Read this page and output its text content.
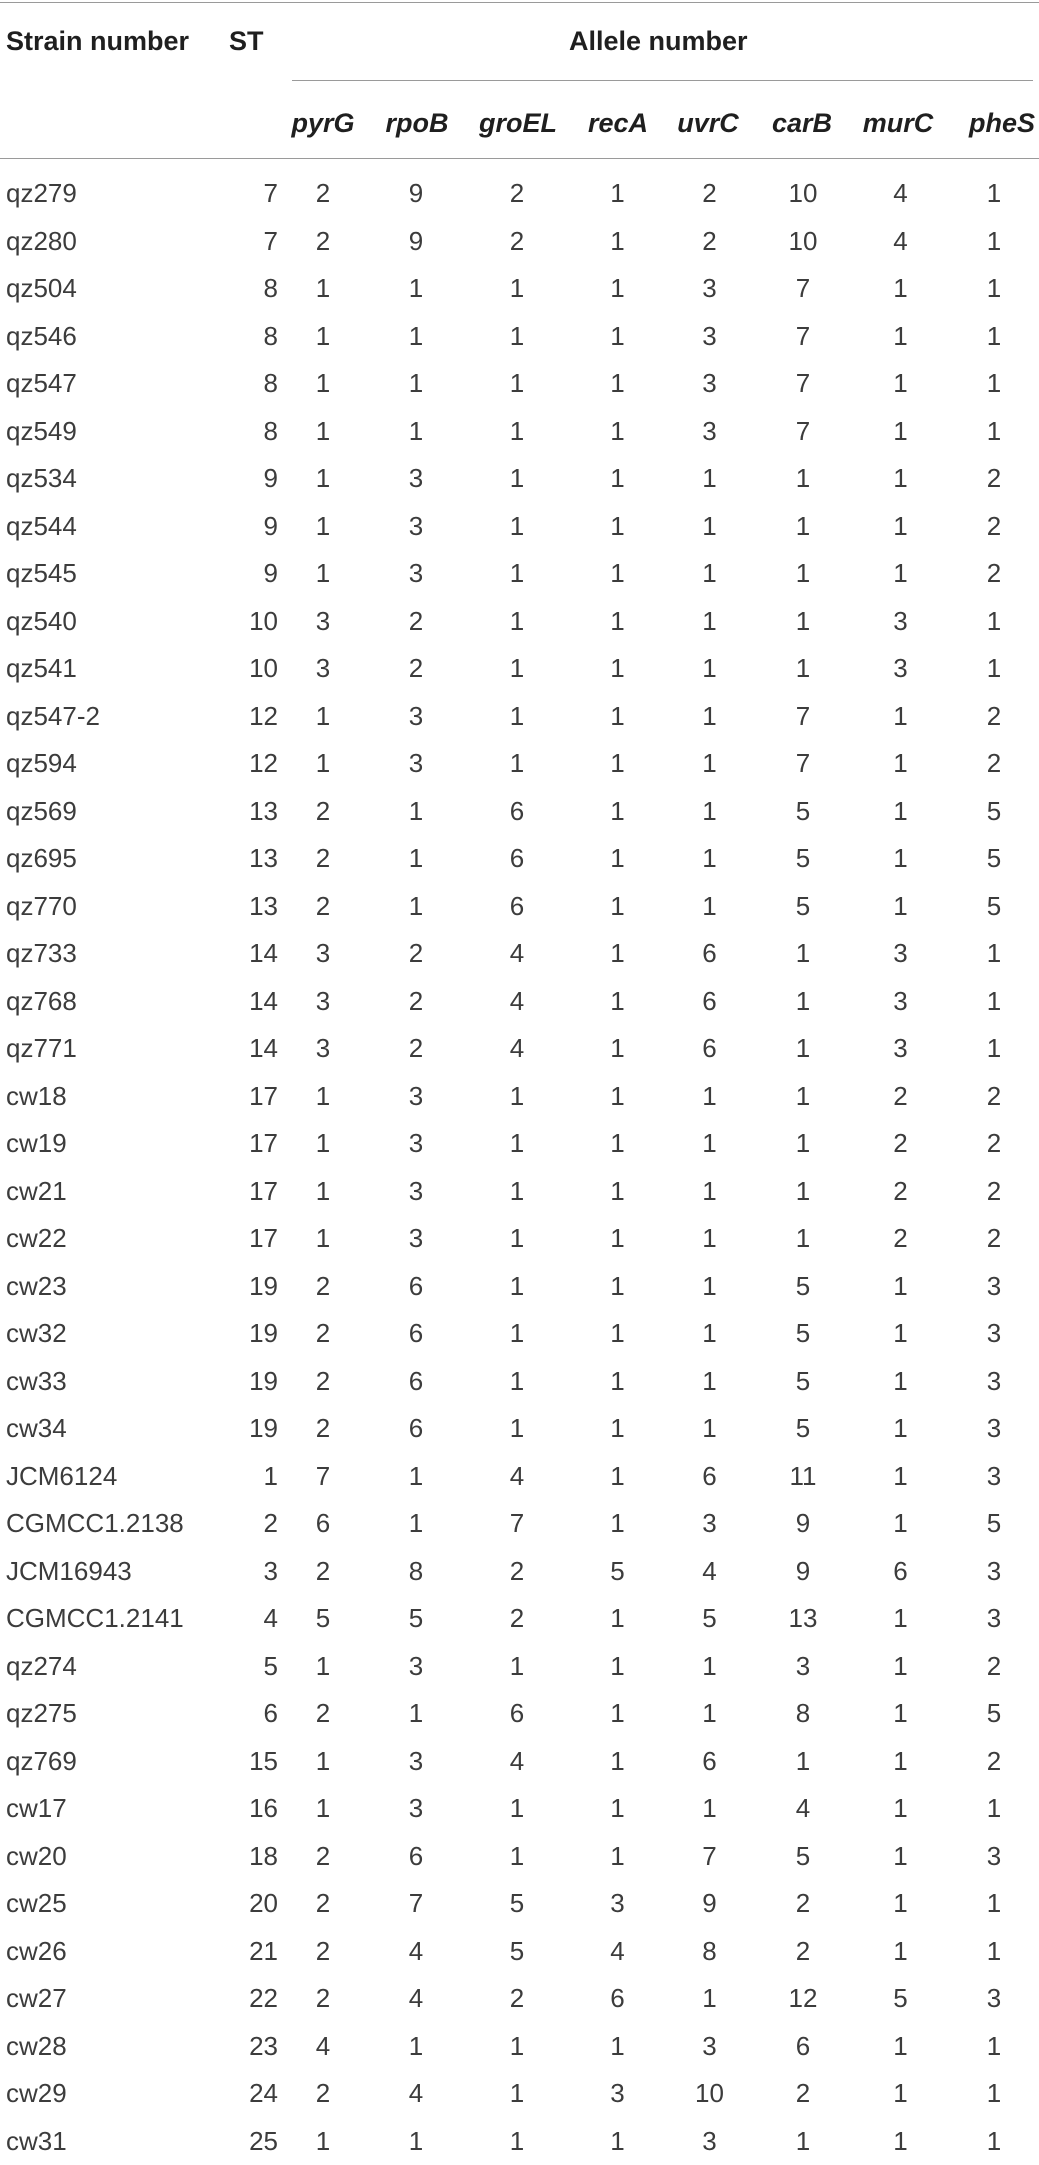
Strain number ST	Allele number
pyrG rpoB groEL recA uvrC carB murC pheS
qz279	7	2	9	2	1	2	10	4	1
qz280	7	2	9	2	1	2	10	4	1
qz504	8	1	1	1	1	3	7	1	1
qz546	8	1	1	1	1	3	7	1	1
qz547	8	1	1	1	1	3	7	1	1
qz549	8	1	1	1	1	3	7	1	1
qz534	9	1	3	1	1	1	1	1	2
qz544	9	1	3	1	1	1	1	1	2
qz545	9	1	3	1	1	1	1	1	2
qz540	10	3	2	1	1	1	1	3	1
qz541	10	3	2	1	1	1	1	3	1
qz547-2	12	1	3	1	1	1	7	1	2
qz594	12	1	3	1	1	1	7	1	2
qz569	13	2	1	6	1	1	5	1	5
qz695	13	2	1	6	1	1	5	1	5
qz770	13	2	1	6	1	1	5	1	5
qz733	14	3	2	4	1	6	1	3	1
qz768	14	3	2	4	1	6	1	3	1
qz771	14	3	2	4	1	6	1	3	1
cw18	17	1	3	1	1	1	1	2	2
cw19	17	1	3	1	1	1	1	2	2
cw21	17	1	3	1	1	1	1	2	2
cw22	17	1	3	1	1	1	1	2	2
cw23	19	2	6	1	1	1	5	1	3
cw32	19	2	6	1	1	1	5	1	3
cw33	19	2	6	1	1	1	5	1	3
cw34	19	2	6	1	1	1	5	1	3
JCM6124	1	7	1	4	1	6	11	1	3
CGMCC1.2138	2	6	1	7	1	3	9	1	5
JCM16943	3	2	8	2	5	4	9	6	3
CGMCC1.2141	4	5	5	2	1	5	13	1	3
qz274	5	1	3	1	1	1	3	1	2
qz275	6	2	1	6	1	1	8	1	5
qz769	15	1	3	4	1	6	1	1	2
cw17	16	1	3	1	1	1	4	1	1
cw20	18	2	6	1	1	7	5	1	3
cw25	20	2	7	5	3	9	2	1	1
cw26	21	2	4	5	4	8	2	1	1
cw27	22	2	4	2	6	1	12	5	3
cw28	23	4	1	1	1	3	6	1	1
cw29	24	2	4	1	3	10	2	1	1
cw31	25	1	1	1	1	3	1	1	1
